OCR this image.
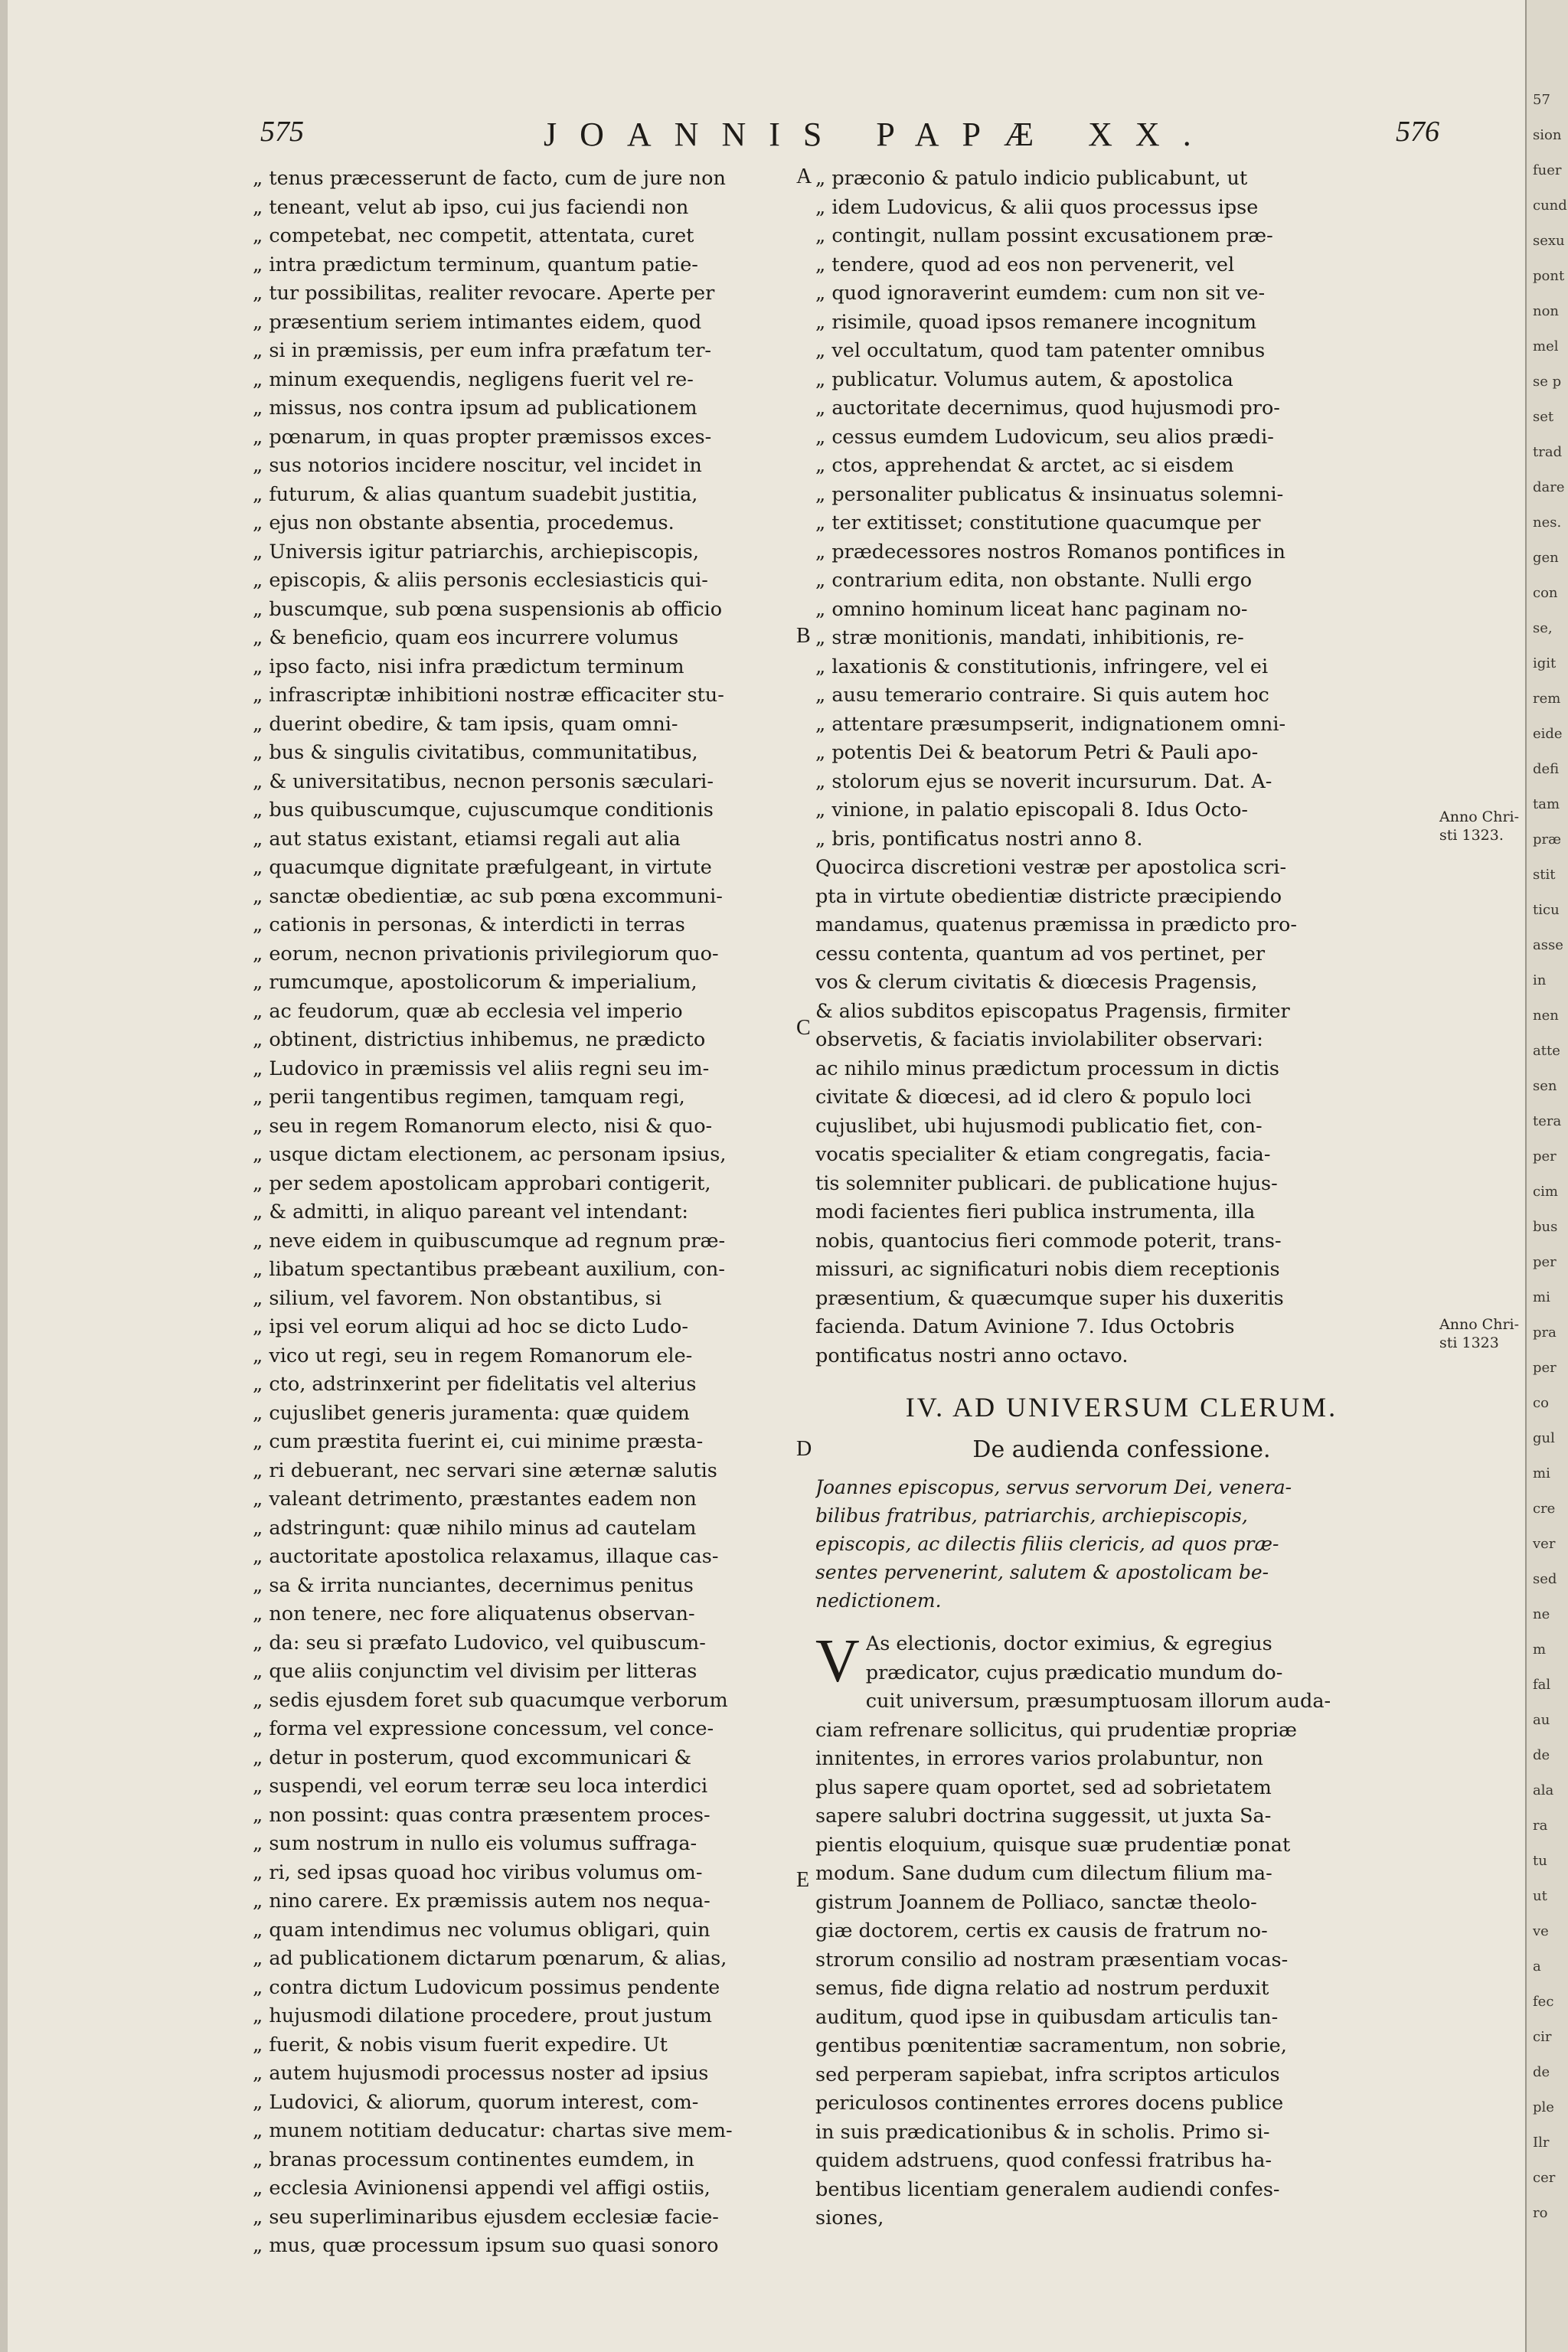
575	JOANNIS PAPÆ XX.	576
„ tenus præcesserunt de facto, cum de jure non
„ teneant, velut ab ipso, cui jus faciendi non
„ competebat, nec competit, attentata, curet
„ intra prædictum terminum, quantum patie-
„ tur possibilitas, realiter revocare. Aperte per
„ præsentium seriem intimantes eidem, quod
„ si in præmissis, per eum infra præfatum ter-
„ minum exequendis, negligens fuerit vel re-
„ missus, nos contra ipsum ad publicationem
„ pœnarum, in quas propter præmissos exces-
„ sus notorios incidere noscitur, vel incidet in
„ futurum, & alias quantum suadebit justitia,
„ ejus non obstante absentia, procedemus.
„ Universis igitur patriarchis, archiepiscopis,
„ episcopis, & aliis personis ecclesiasticis qui-
„ buscumque, sub pœna suspensionis ab officio
„ & beneficio, quam eos incurrere volumus
„ ipso facto, nisi infra prædictum terminum
„ infrascriptæ inhibitioni nostræ efficaciter stu-
„ duerint obedire, & tam ipsis, quam omni-
„ bus & singulis civitatibus, communitatibus,
„ & universitatibus, necnon personis sæculari-
„ bus quibuscumque, cujuscumque conditionis
„ aut status existant, etiamsi regali aut alia
„ quacumque dignitate præfulgeant, in virtute
„ sanctæ obedientiæ, ac sub pœna excommuni-
„ cationis in personas, & interdicti in terras
„ eorum, necnon privationis privilegiorum quo-
„ rumcumque, apostolicorum & imperialium,
„ ac feudorum, quæ ab ecclesia vel imperio
„ obtinent, districtius inhibemus, ne prædicto
„ Ludovico in præmissis vel aliis regni seu im-
„ perii tangentibus regimen, tamquam regi,
„ seu in regem Romanorum electo, nisi & quo-
„ usque dictam electionem, ac personam ipsius,
„ per sedem apostolicam approbari contigerit,
„ & admitti, in aliquo pareant vel intendant:
„ neve eidem in quibuscumque ad regnum præ-
„ libatum spectantibus præbeant auxilium, con-
„ silium, vel favorem. Non obstantibus, si
„ ipsi vel eorum aliqui ad hoc se dicto Ludo-
„ vico ut regi, seu in regem Romanorum ele-
„ cto, adstrinxerint per fidelitatis vel alterius
„ cujuslibet generis juramenta: quæ quidem
„ cum præstita fuerint ei, cui minime præsta-
„ ri debuerant, nec servari sine æternæ salutis
„ valeant detrimento, præstantes eadem non
„ adstringunt: quæ nihilo minus ad cautelam
„ auctoritate apostolica relaxamus, illaque cas-
„ sa & irrita nunciantes, decernimus penitus
„ non tenere, nec fore aliquatenus observan-
„ da: seu si præfato Ludovico, vel quibuscum-
„ que aliis conjunctim vel divisim per litteras
„ sedis ejusdem foret sub quacumque verborum
„ forma vel expressione concessum, vel conce-
„ detur in posterum, quod excommunicari &
„ suspendi, vel eorum terræ seu loca interdici
„ non possint: quas contra præsentem proces-
„ sum nostrum in nullo eis volumus suffraga-
„ ri, sed ipsas quoad hoc viribus volumus om-
„ nino carere. Ex præmissis autem nos nequa-
„ quam intendimus nec volumus obligari, quin
„ ad publicationem dictarum pœnarum, & alias,
„ contra dictum Ludovicum possimus pendente
„ hujusmodi dilatione procedere, prout justum
„ fuerit, & nobis visum fuerit expedire. Ut
„ autem hujusmodi processus noster ad ipsius
„ Ludovici, & aliorum, quorum interest, com-
„ munem notitiam deducatur: chartas sive mem-
„ branas processum continentes eumdem, in
„ ecclesia Avinionensi appendi vel affigi ostiis,
„ seu superliminaribus ejusdem ecclesiæ facie-
„ mus, quæ processum ipsum suo quasi sonoro
„ præconio & patulo indicio publicabunt, ut
„ idem Ludovicus, & alii quos processus ipse
„ contingit, nullam possint excusationem præ-
„ tendere, quod ad eos non pervenerit, vel
„ quod ignoraverint eumdem: cum non sit ve-
„ risimile, quoad ipsos remanere incognitum
„ vel occultatum, quod tam patenter omnibus
„ publicatur. Volumus autem, & apostolica
„ auctoritate decernimus, quod hujusmodi pro-
„ cessus eumdem Ludovicum, seu alios prædi-
„ ctos, apprehendat & arctet, ac si eisdem
„ personaliter publicatus & insinuatus solemni-
„ ter extitisset; constitutione quacumque per
„ prædecessores nostros Romanos pontifices in
„ contrarium edita, non obstante. Nulli ergo
„ omnino hominum liceat hanc paginam no-
„ stræ monitionis, mandati, inhibitionis, re-
„ laxationis & constitutionis, infringere, vel ei
„ ausu temerario contraire. Si quis autem hoc
„ attentare præsumpserit, indignationem omni-
„ potentis Dei & beatorum Petri & Pauli apo-
„ stolorum ejus se noverit incursurum. Dat. A-
„ vinione, in palatio episcopali 8. Idus Octo-
„ bris, pontificatus nostri anno 8.
Quocirca discretioni vestræ per apostolica scri-
pta in virtute obedientiæ districte præcipiendo
mandamus, quatenus præmissa in prædicto pro-
cessu contenta, quantum ad vos pertinet, per
vos & clerum civitatis & diœcesis Pragensis,
& alios subditos episcopatus Pragensis, firmiter
observetis, & faciatis inviolabiliter observari:
ac nihilo minus prædictum processum in dictis
civitate & diœcesi, ad id clero & populo loci
cujuslibet, ubi hujusmodi publicatio fiet, con-
vocatis specialiter & etiam congregatis, facia-
tis solemniter publicari. de publicatione hujus-
modi facientes fieri publica instrumenta, illa
nobis, quantocius fieri commode poterit, trans-
missuri, ac significaturi nobis diem receptionis
præsentium, & quæcumque super his duxeritis
facienda. Datum Avinione 7. Idus Octobris
pontificatus nostri anno octavo.
IV. AD UNIVERSUM CLERUM.
De audienda confessione.
Joannes episcopus, servus servorum Dei, venera-
bilibus fratribus, patriarchis, archiepiscopis,
episcopis, ac dilectis filiis clericis, ad quos præ-
sentes pervenerint, salutem & apostolicam be-
nedictionem.
V As electionis, doctor eximius, & egregius
prædicator, cujus prædicatio mundum do-
cuit universum, præsumptuosam illorum auda-
ciam refrenare sollicitus, qui prudentiæ propriæ
innitentes, in errores varios prolabuntur, non
plus sapere quam oportet, sed ad sobrietatem
sapere salubri doctrina suggessit, ut juxta Sa-
pientis eloquium, quisque suæ prudentiæ ponat
modum. Sane dudum cum dilectum filium ma-
gistrum Joannem de Polliaco, sanctæ theolo-
giæ doctorem, certis ex causis de fratrum no-
strorum consilio ad nostram præsentiam vocas-
semus, fide digna relatio ad nostrum perduxit
auditum, quod ipse in quibusdam articulis tan-
gentibus pœnitentiæ sacramentum, non sobrie,
sed perperam sapiebat, infra scriptos articulos
periculosos continentes errores docens publice
in suis prædicationibus & in scholis. Primo si-
quidem adstruens, quod confessi fratribus ha-
bentibus licentiam generalem audiendi confes-
siones,
A
B
C
D
E
Anno Chri-
sti 1323.
Anno Chri-
sti 1323
57
sion
fuer
cund
sexu
pont
non
mel
se p
set
trad
dare
nes.
gen
con
se,
igit
rem
eide
defi
tam
præ
stit
ticu
asse
in
nen
atte
sen
tera
per
cim
bus
per
mi
pra
per
co
gul
mi
cre
ver
sed
ne
m
fal
au
de
ala
ra
tu
ut
ve
a
fec
cir
de
ple
Ilr
cer
ro
